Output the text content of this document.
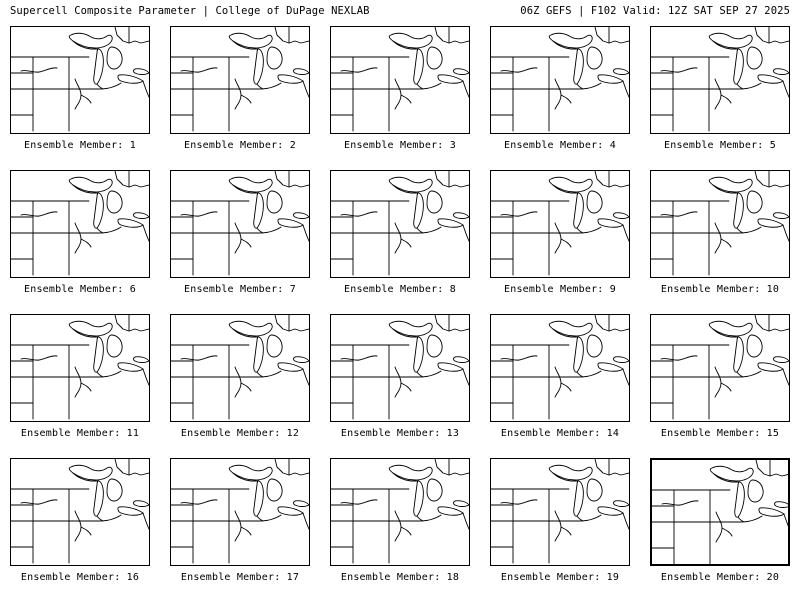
Supercell Composite Parameter | College of DuPage NEXLAB	06Z GEFS | F102 Valid: 12Z SAT SEP 27 2025
Ensemble Member: 1	Ensemble Member: 2	Ensemble Member: 3	Ensemble Member: 4	Ensemble Member: 5
Ensemble Member: 6	Ensemble Member: 7	Ensemble Member: 8	Ensemble Member: 9	Ensemble Member: 10
Ensemble Member: 11	Ensemble Member: 12	Ensemble Member: 13	Ensemble Member: 14	Ensemble Member: 15
Ensemble Member: 16	Ensemble Member: 17	Ensemble Member: 18	Ensemble Member: 19	Ensemble Member: 20
